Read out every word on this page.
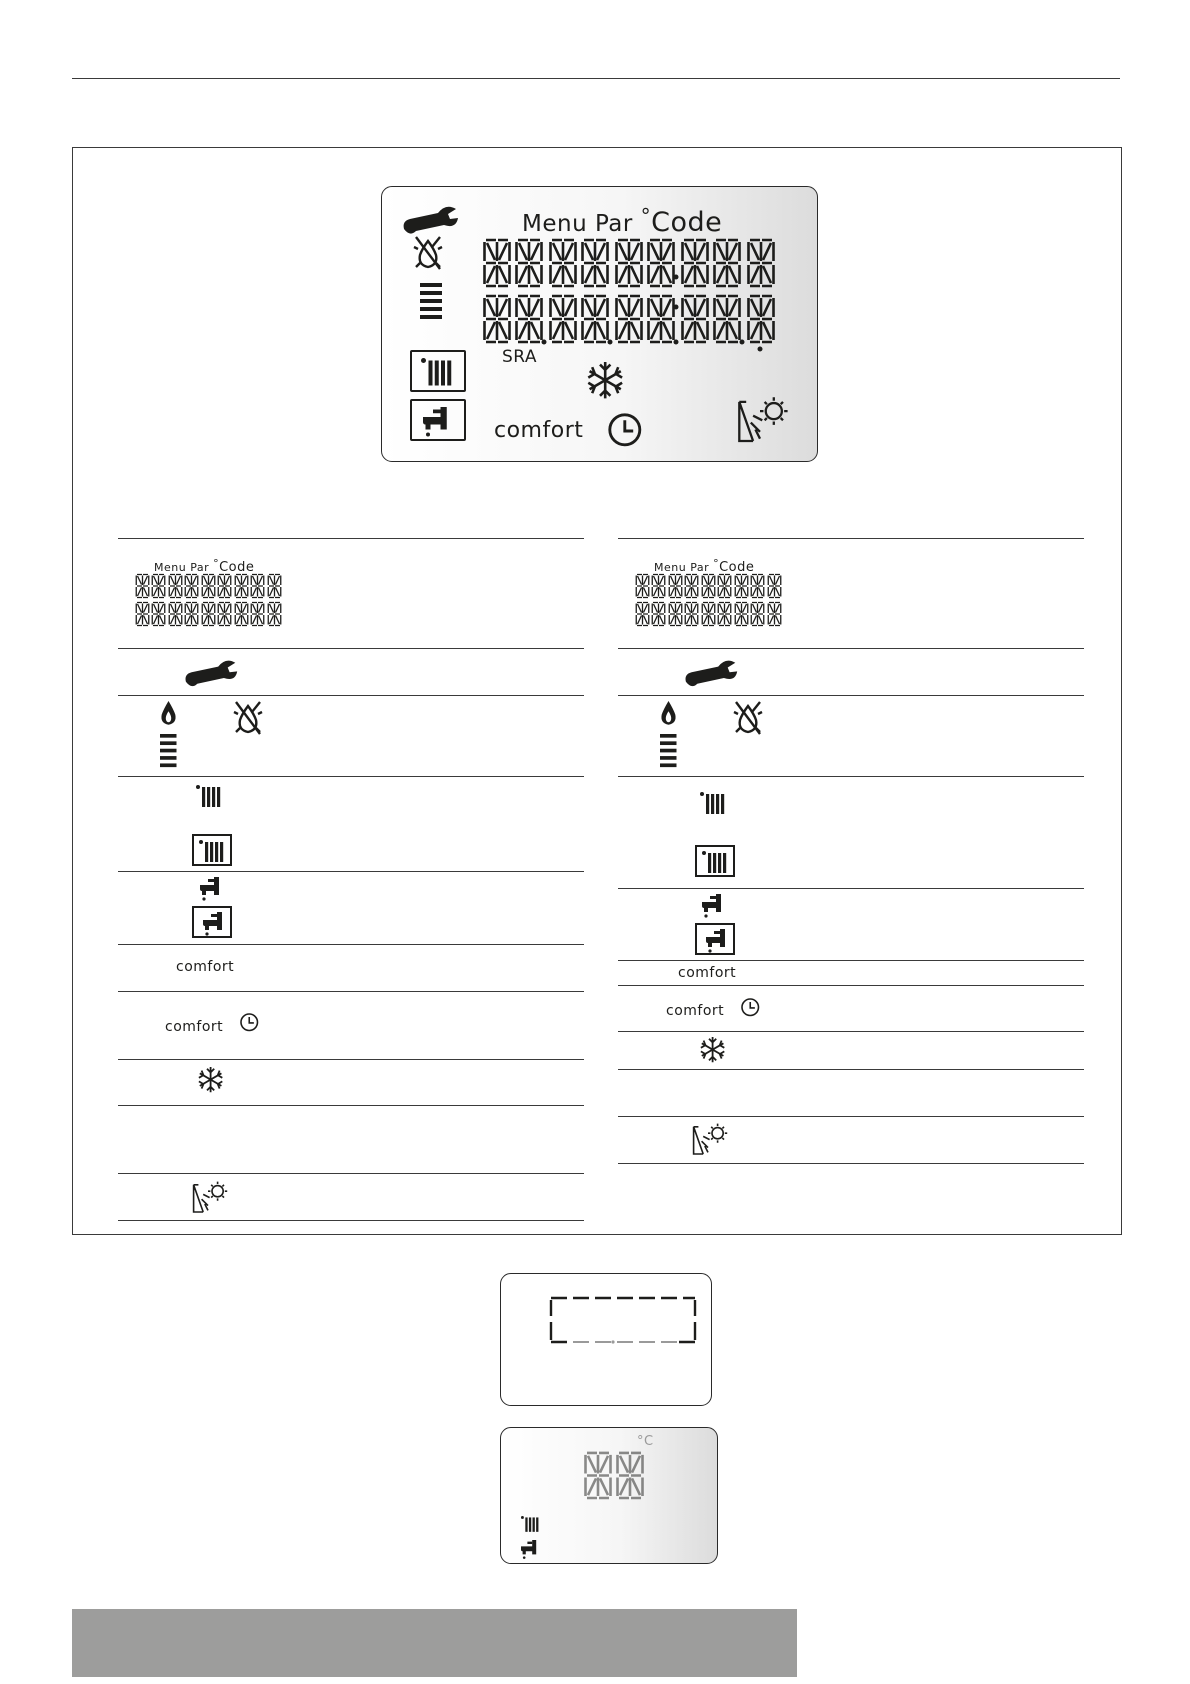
Menu Par °Code
SRA
comfort
Menu Par °Code
comfort
comfort
Menu Par °Code
comfort
comfort
°C
